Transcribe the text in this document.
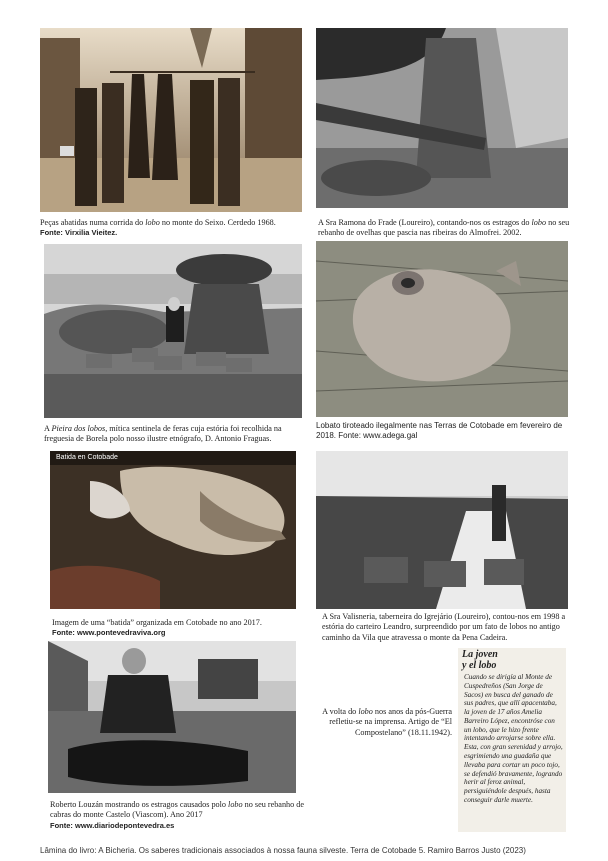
Peças abatidas numa corrida do lobo no monte do Seixo. Cerdedo 1968.
Fonte: Virxilia Vieitez.
A Sra Ramona do Frade (Loureiro), contando-nos os estragos do lobo no seu rebanho de ovelhas que pascia nas ribeiras do Almofrei. 2002.
A Pieira dos lobos, mítica sentinela de feras cuja estória foi recolhida na freguesia de Borela polo nosso ilustre etnógrafo, D. Antonio Fraguas.
Lobato tiroteado ilegalmente nas Terras de Cotobade em fevereiro de 2018. Fonte: www.adega.gal
Batida en Cotobade
Imagem de uma “batida” organizada em Cotobade no ano 2017.
Fonte: www.pontevedraviva.org
A Sra Valisneria, taberneira do Igrejário (Loureiro), contou-nos em 1998 a estória do carteiro Leandro, surpreendido por um fato de lobos no antigo caminho da Vila que atravessa o monte da Pena Cadeira.
Roberto Louzán mostrando os estragos causados polo lobo no seu rebanho de cabras do monte Castelo (Viascom). Ano 2017
Fonte: www.diariodepontevedra.es
A volta do lobo nos anos da pós-Guerra refletiu-se na imprensa. Artigo de “El Compostelano” (18.11.1942).
La joven
y el lobo
Cuando se dirigía al Monte de Cuspedreños (San Jorge de Sacos) en busca del ganado de sus padres, que allí apacentaba, la joven de 17 años Amelia Barreiro López, encontróse con un lobo, que le hizo frente intentando arrojarse sobre ella. Esta, con gran serenidad y arrojo, esgrimiendo una guadaña que llevaba para cortar un poco tojo, se defendió bravamente, logrando herir al feroz animal, persiguiéndole después, hasta conseguir darle muerte.
Lâmina do livro: A Bicheria. Os saberes tradicionais associados à nossa fauna silveste. Terra de Cotobade 5. Ramiro Barros Justo (2023)
